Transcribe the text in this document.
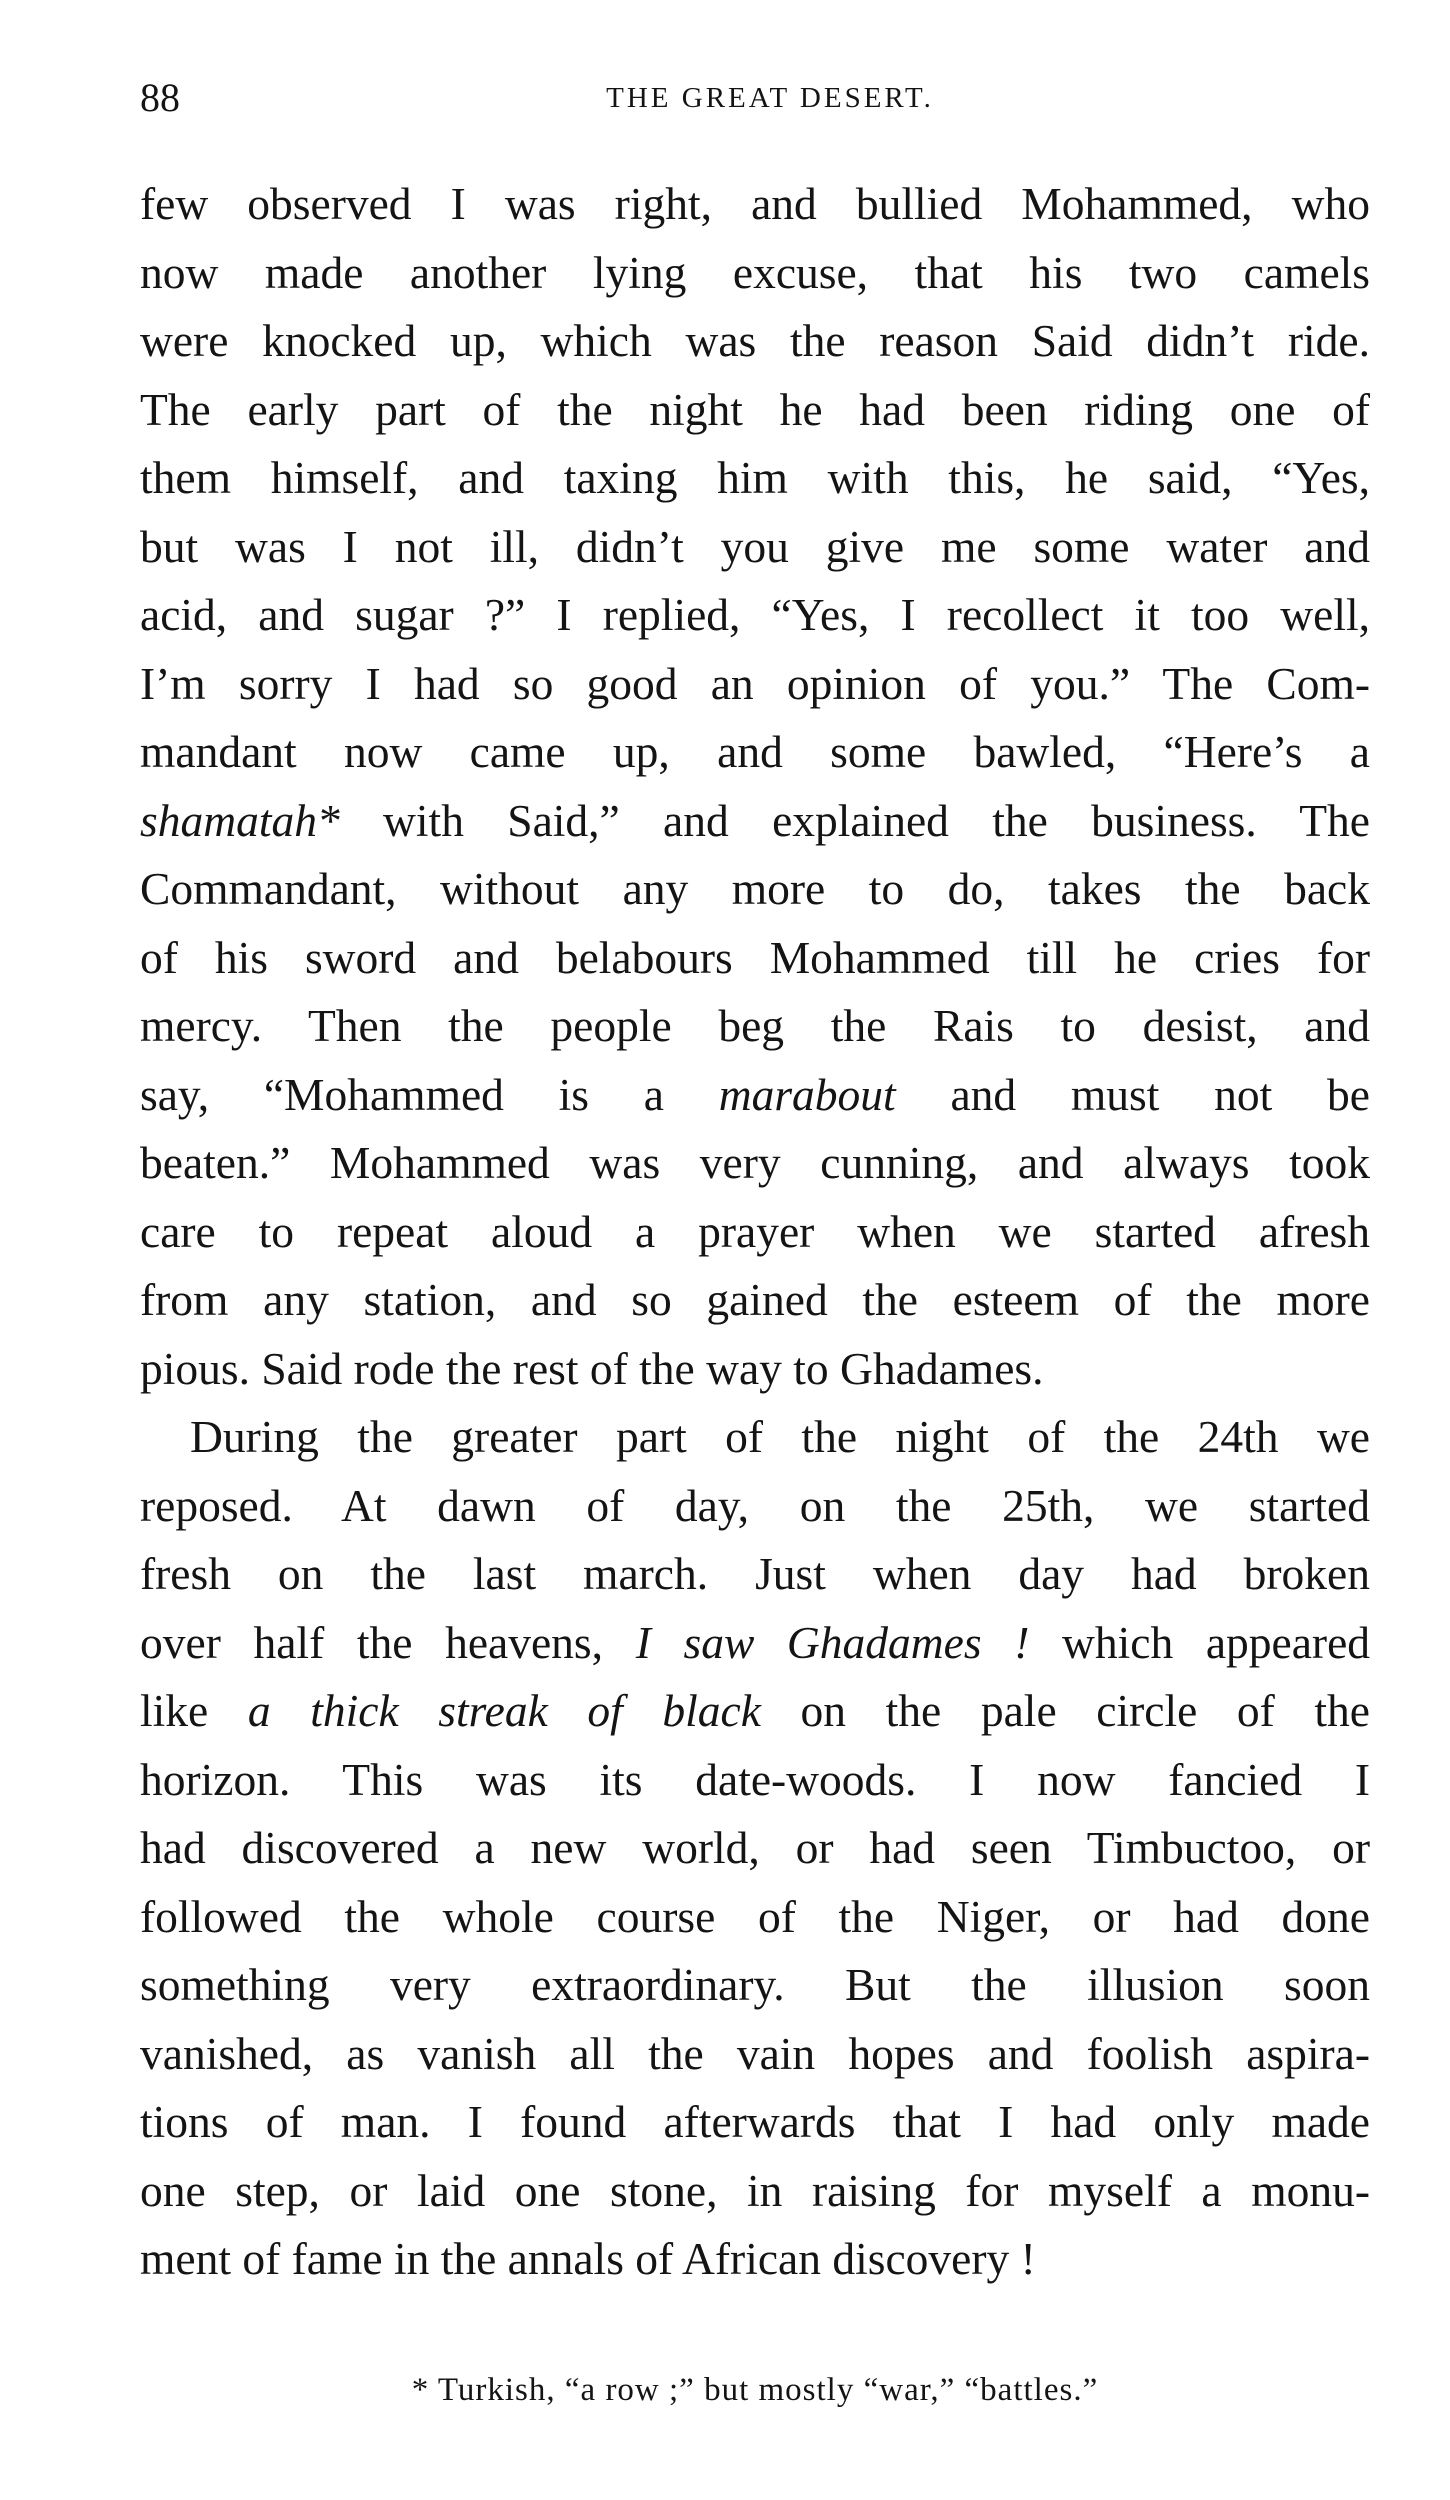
88	THE GREAT DESERT.
few observed I was right, and bullied Mohammed, who
now made another lying excuse, that his two camels
were knocked up, which was the reason Said didn’t ride.
The early part of the night he had been riding one of
them himself, and taxing him with this, he said, “Yes,
but was I not ill, didn’t you give me some water and
acid, and sugar ?” I replied, “Yes, I recollect it too well,
I’m sorry I had so good an opinion of you.” The Com-
mandant now came up, and some bawled, “Here’s a
shamatah* with Said,” and explained the business. The
Commandant, without any more to do, takes the back
of his sword and belabours Mohammed till he cries for
mercy. Then the people beg the Rais to desist, and
say, “Mohammed is a marabout and must not be
beaten.” Mohammed was very cunning, and always took
care to repeat aloud a prayer when we started afresh
from any station, and so gained the esteem of the more
pious. Said rode the rest of the way to Ghadames.
During the greater part of the night of the 24th we
reposed. At dawn of day, on the 25th, we started
fresh on the last march. Just when day had broken
over half the heavens, I saw Ghadames ! which appeared
like a thick streak of black on the pale circle of the
horizon. This was its date-woods. I now fancied I
had discovered a new world, or had seen Timbuctoo, or
followed the whole course of the Niger, or had done
something very extraordinary. But the illusion soon
vanished, as vanish all the vain hopes and foolish aspira-
tions of man. I found afterwards that I had only made
one step, or laid one stone, in raising for myself a monu-
ment of fame in the annals of African discovery !
* Turkish, “a row ;” but mostly “war,” “battles.”
